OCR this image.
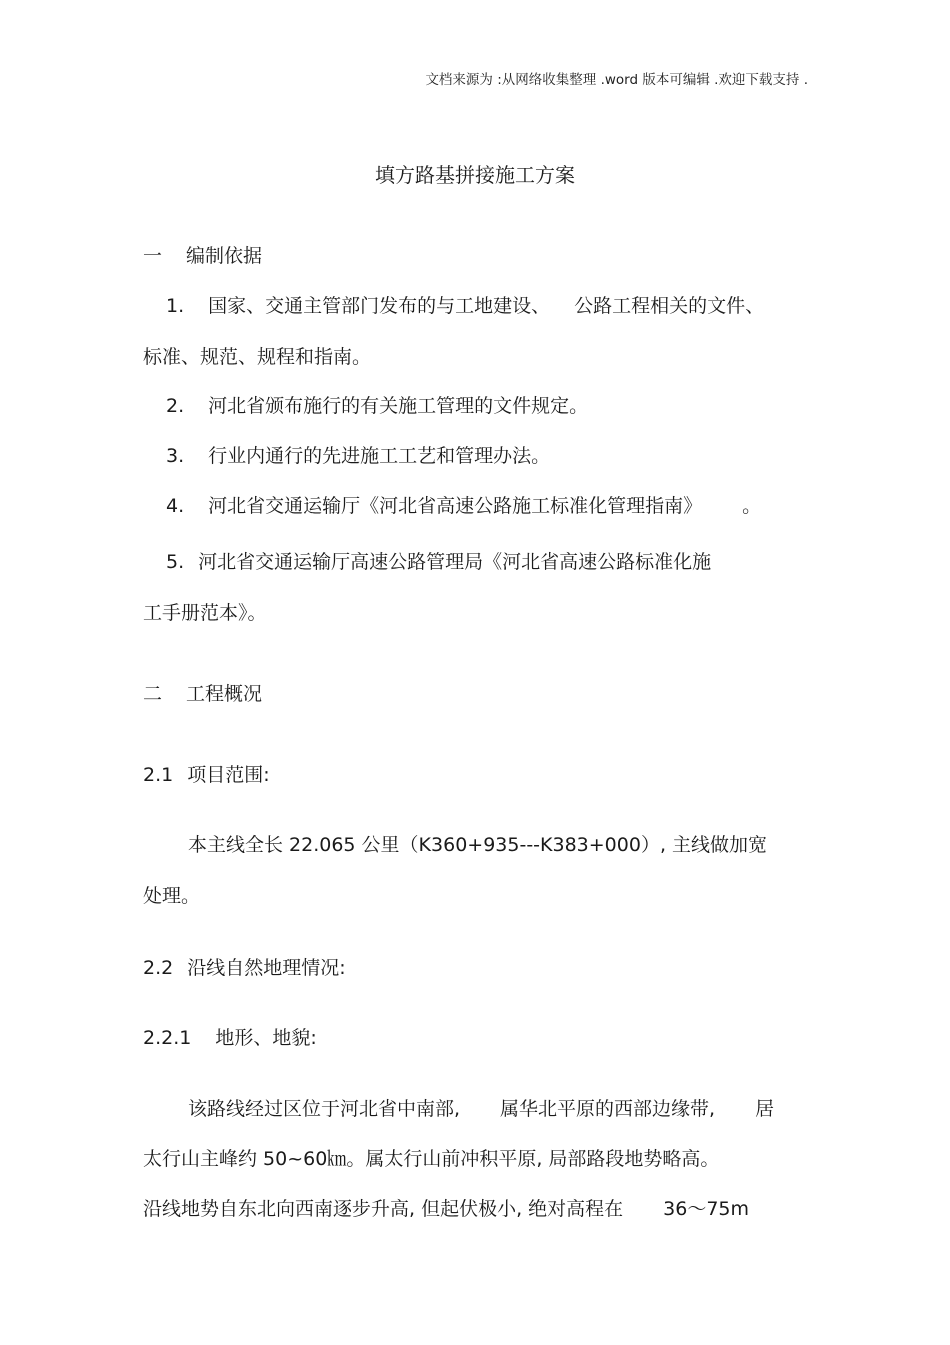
文档来源为 :从网络收集整理 .word 版本可编辑 .欢迎下载支持 .
填方路基拼接施工方案
一 编制依据
1. 国家、交通主管部门发布的与工地建设、 公路工程相关的文件、
标准、规范、规程和指南。
2. 河北省颁布施行的有关施工管理的文件规定。
3. 行业内通行的先进施工工艺和管理办法。
4. 河北省交通运输厅《河北省高速公路施工标准化管理指南》 。
5. 河北省交通运输厅高速公路管理局《河北省高速公路标准化施
工手册范本》。
二 工程概况
2.1 项目范围:
本主线全长 22.065 公里（K360+935---K383+000）, 主线做加宽
处理。
2.2 沿线自然地理情况:
2.2.1 地形、地貌:
该路线经过区位于河北省中南部, 属华北平原的西部边缘带, 居
太行山主峰约 50~60㎞。属太行山前冲积平原, 局部路段地势略高。
沿线地势自东北向西南逐步升高, 但起伏极小, 绝对高程在 36～75m
